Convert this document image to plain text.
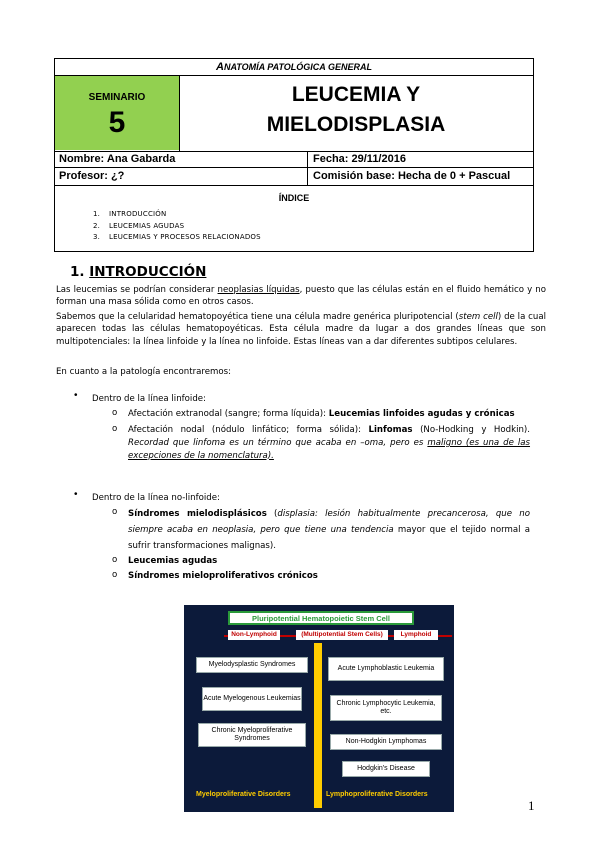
ANATOMÍA PATOLÓGICA GENERAL
SEMINARIO
5
LEUCEMIA Y
MIELODISPLASIA
Nombre: Ana Gabarda	Fecha: 29/11/2016
Profesor: ¿?	Comisión base: Hecha de 0 + Pascual
ÍNDICE
1. INTRODUCCIÓN
2. LEUCEMIAS AGUDAS
3. LEUCEMIAS Y PROCESOS RELACIONADOS
1. INTRODUCCIÓN
Las leucemias se podrían considerar neoplasias líquidas, puesto que las células están en el fluido hemático y no forman una masa sólida como en otros casos.
Sabemos que la celularidad hematopoyética tiene una célula madre genérica pluripotencial (stem cell) de la cual aparecen todas las células hematopoyéticas. Esta célula madre da lugar a dos grandes líneas que son multipotenciales: la línea linfoide y la línea no linfoide. Estas líneas van a dar diferentes subtipos celulares.
En cuanto a la patología encontraremos:
• Dentro de la línea linfoide:
o Afectación extranodal (sangre; forma líquida): Leucemias linfoides agudas y crónicas
o Afectación nodal (nódulo linfático; forma sólida): Linfomas (No-Hodking y Hodkin). Recordad que linfoma es un término que acaba en –oma, pero es maligno (es una de las excepciones de la nomenclatura).
• Dentro de la línea no-linfoide:
o Síndromes mielodisplásicos (displasia: lesión habitualmente precancerosa, que no siempre acaba en neoplasia, pero que tiene una tendencia mayor que el tejido normal a sufrir transformaciones malignas).
o Leucemias agudas
o Síndromes mieloproliferativos crónicos
Pluripotential Hematopoietic Stem Cell
Non-Lymphoid	(Multipotential Stem Cells)	Lymphoid
Myelodysplastic Syndromes
Acute Myelogenous Leukemias
Chronic Myeloproliferative Syndromes
Acute Lymphoblastic Leukemia
Chronic Lymphocytic Leukemia, etc.
Non-Hodgkin Lymphomas
Hodgkin's Disease
Myeloproliferative Disorders	Lymphoproliferative Disorders
1
